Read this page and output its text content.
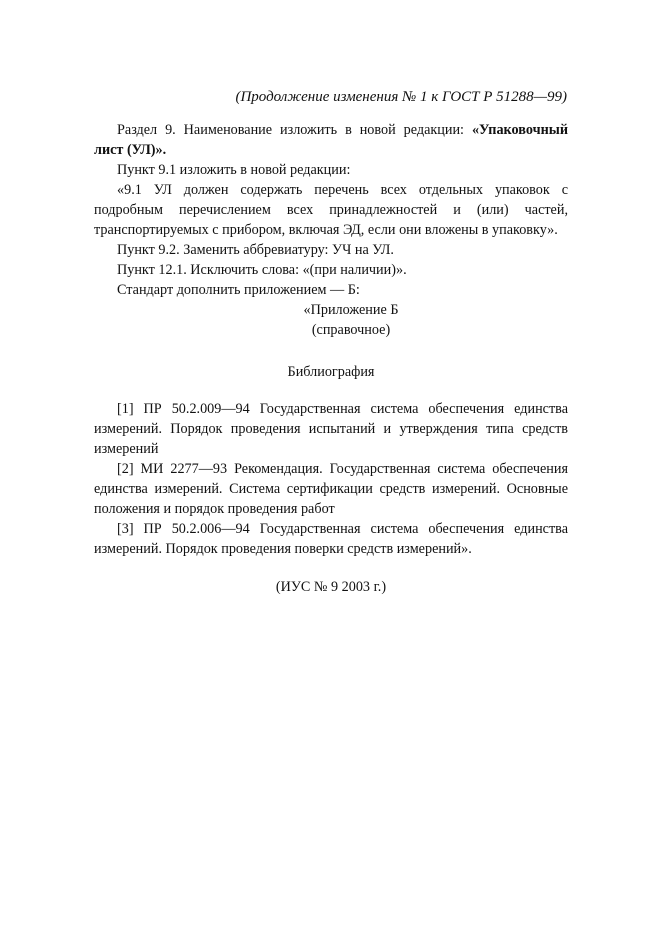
(Продолжение изменения № 1 к ГОСТ Р 51288—99)

Раздел 9. Наименование изложить в новой редакции: «Упаковочный лист (УЛ)».

Пункт 9.1 изложить в новой редакции:

«9.1 УЛ должен содержать перечень всех отдельных упаковок с подробным перечислением всех принадлежностей и (или) частей, транспортируемых с прибором, включая ЭД, если они вложены в упаковку».

Пункт 9.2. Заменить аббревиатуру: УЧ на УЛ.

Пункт 12.1. Исключить слова: «(при наличии)».

Стандарт дополнить приложением — Б:

«Приложение Б

(справочное)

Библиография

[1] ПР 50.2.009—94 Государственная система обеспечения единства измерений. Порядок проведения испытаний и утверждения типа средств измерений

[2] МИ 2277—93 Рекомендация. Государственная система обеспечения единства измерений. Система сертификации средств измерений. Основные положения и порядок проведения работ

[3] ПР 50.2.006—94 Государственная система обеспечения единства измерений. Порядок проведения поверки средств измерений».

(ИУС № 9 2003 г.)
